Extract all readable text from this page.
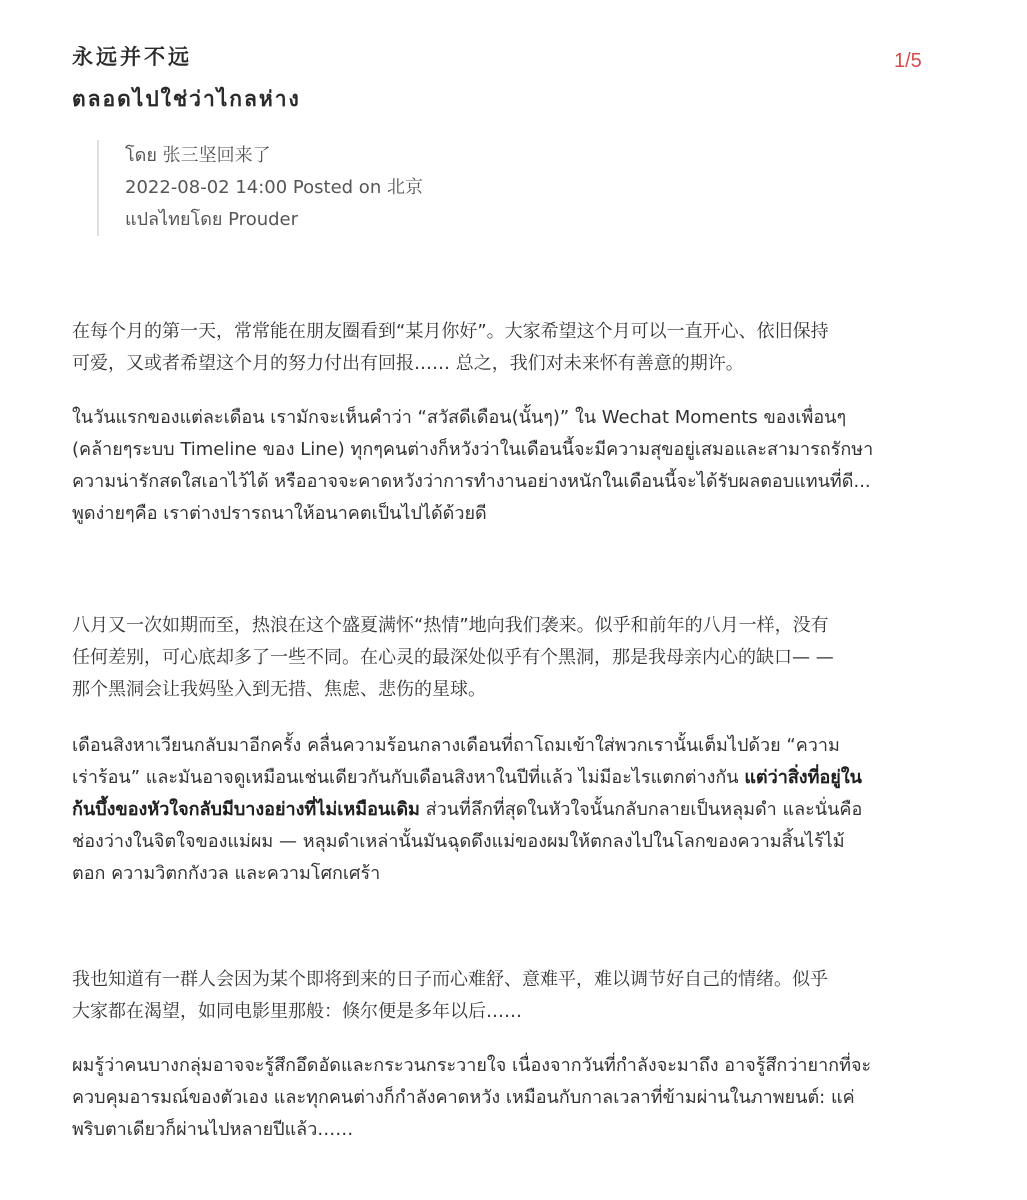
永远并不远
ตลอดไปใช่ว่าไกลห่าง
1/5
โดย 张三坚回来了
2022-08-02 14:00 Posted on 北京
แปลไทยโดย Prouder
在每个月的第一天，常常能在朋友圈看到“某月你好”。大家希望这个月可以一直开心、依旧保持
可爱，又或者希望这个月的努力付出有回报…… 总之，我们对未来怀有善意的期许。
ในวันแรกของแต่ละเดือน เรามักจะเห็นคำว่า “สวัสดีเดือน(นั้นๆ)” ใน Wechat Moments ของเพื่อนๆ
(คล้ายๆระบบ Timeline ของ Line) ทุกๆคนต่างก็หวังว่าในเดือนนี้จะมีความสุขอยู่เสมอและสามารถรักษา
ความน่ารักสดใสเอาไว้ได้ หรืออาจจะคาดหวังว่าการทำงานอย่างหนักในเดือนนี้จะได้รับผลตอบแทนที่ดี...
พูดง่ายๆคือ เราต่างปรารถนาให้อนาคตเป็นไปได้ด้วยดี
八月又一次如期而至，热浪在这个盛夏满怀“热情”地向我们袭来。似乎和前年的八月一样，没有
任何差别，可心底却多了一些不同。在心灵的最深处似乎有个黑洞，那是我母亲内心的缺口— —
那个黑洞会让我妈坠入到无措、焦虑、悲伤的星球。
เดือนสิงหาเวียนกลับมาอีกครั้ง คลื่นความร้อนกลางเดือนที่ถาโถมเข้าใส่พวกเรานั้นเต็มไปด้วย “ความ
เร่าร้อน” และมันอาจดูเหมือนเช่นเดียวกันกับเดือนสิงหาในปีที่แล้ว ไม่มีอะไรแตกต่างกัน แต่ว่าสิ่งที่อยู่ใน
ก้นบึ้งของหัวใจกลับมีบางอย่างที่ไม่เหมือนเดิม ส่วนที่ลึกที่สุดในหัวใจนั้นกลับกลายเป็นหลุมดำ และนั่นคือ
ช่องว่างในจิตใจของแม่ผม — หลุมดำเหล่านั้นมันฉุดดึงแม่ของผมให้ตกลงไปในโลกของความสิ้นไร้ไม้
ตอก ความวิตกกังวล และความโศกเศร้า
我也知道有一群人会因为某个即将到来的日子而心难舒、意难平，难以调节好自己的情绪。似乎
大家都在渴望，如同电影里那般：倏尔便是多年以后……
ผมรู้ว่าคนบางกลุ่มอาจจะรู้สึกอึดอัดและกระวนกระวายใจ เนื่องจากวันที่กำลังจะมาถึง อาจรู้สึกว่ายากที่จะ
ควบคุมอารมณ์ของตัวเอง และทุกคนต่างก็กำลังคาดหวัง เหมือนกับกาลเวลาที่ข้ามผ่านในภาพยนต์: แค่
พริบตาเดียวก็ผ่านไปหลายปีแล้ว……
